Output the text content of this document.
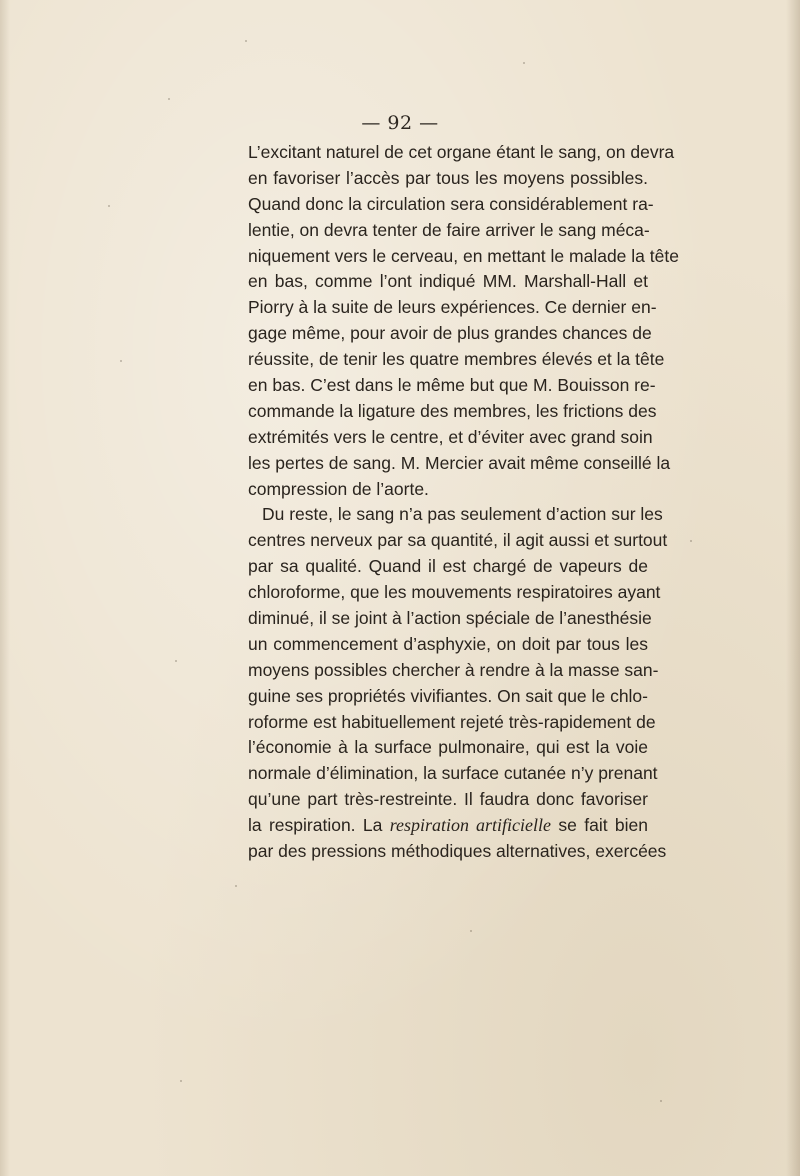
— 92 —
L’excitant naturel de cet organe étant le sang, on devra
en favoriser l’accès par tous les moyens possibles.
Quand donc la circulation sera considérablement ra-
lentie, on devra tenter de faire arriver le sang méca-
niquement vers le cerveau, en mettant le malade la tête
en bas, comme l’ont indiqué MM. Marshall-Hall et
Piorry à la suite de leurs expériences. Ce dernier en-
gage même, pour avoir de plus grandes chances de
réussite, de tenir les quatre membres élevés et la tête
en bas. C’est dans le même but que M. Bouisson re-
commande la ligature des membres, les frictions des
extrémités vers le centre, et d’éviter avec grand soin
les pertes de sang. M. Mercier avait même conseillé la
compression de l’aorte.
Du reste, le sang n’a pas seulement d’action sur les
centres nerveux par sa quantité, il agit aussi et surtout
par sa qualité. Quand il est chargé de vapeurs de
chloroforme, que les mouvements respiratoires ayant
diminué, il se joint à l’action spéciale de l’anesthésie
un commencement d’asphyxie, on doit par tous les
moyens possibles chercher à rendre à la masse san-
guine ses propriétés vivifiantes. On sait que le chlo-
roforme est habituellement rejeté très-rapidement de
l’économie à la surface pulmonaire, qui est la voie
normale d’élimination, la surface cutanée n’y prenant
qu’une part très-restreinte. Il faudra donc favoriser
la respiration. La respiration artificielle se fait bien
par des pressions méthodiques alternatives, exercées
